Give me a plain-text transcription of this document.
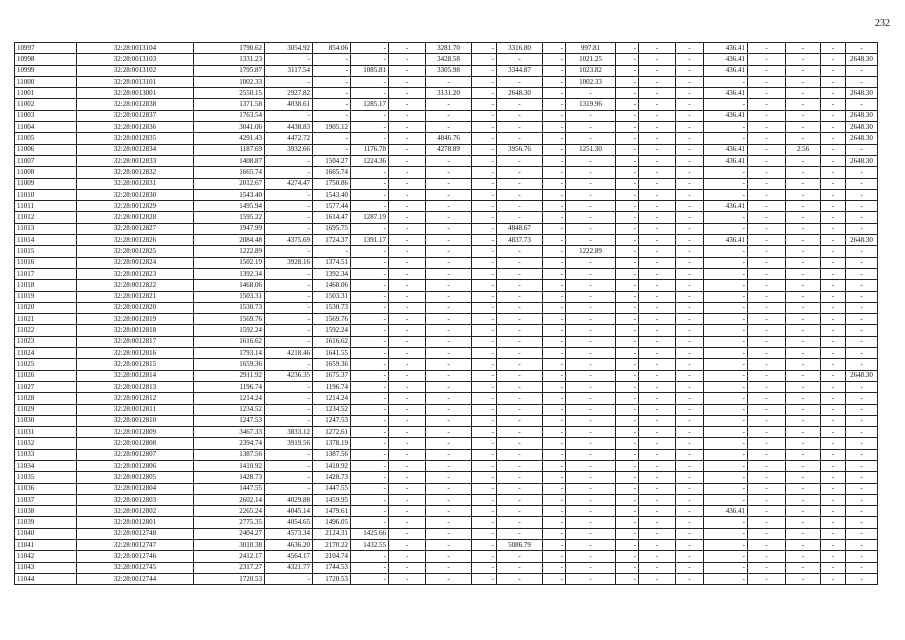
232
10997	32:28:0013104	1790.62	3054.92	854.06	-	-	3281.70	-	3316.80	-	997.81	-	-	-	436.41	-	-	-	-
10998	32:28:0013103	1331.23	-	-	-	-	3428.58	-	-	-	1021.25	-	-	-	436.41	-	-	-	2648.30
10999	32:28:0013102	1795.87	3117.54	-	1085.81	-	3305.98	-	3344.87	-	1023.82	-	-	-	436.41	-	-	-	-
11000	32:28:0013101	1002.33	-	-	-	-	-	-	-	-	1002.33	-	-	-	-	-	-	-	-
11001	32:28:0013001	2550.15	2927.82	-	-	-	3131.20	-	2648.30	-	-	-	-	-	436.41	-	-	-	2648.30
11002	32:28:0012838	1371.58	4038.61	-	1285.17	-	-	-	-	-	1319.96	-	-	-	-	-	-	-	-
11003	32:28:0012837	1763.54	-	-	-	-	-	-	-	-	-	-	-	-	436.41	-	-	-	2648.30
11004	32:28:0012836	3041.06	4438.83	1905.12	-	-	-	-	-	-	-	-	-	-	-	-	-	-	2648.30
11005	32:28:0012835	4291.43	4472.72	-	-	-	4846.76	-	-	-	-	-	-	-	-	-	-	-	2648.30
11006	32:28:0012834	1187.69	3932.66	-	1176.78	-	4278.89	-	3956.76	-	1251.30	-	-	-	436.41	-	2.56	-	-
11007	32:28:0012833	1408.87	-	1504.27	1224.36	-	-	-	-	-	-	-	-	-	436.41	-	-	-	2648.30
11008	32:28:0012832	1665.74	-	1665.74	-	-	-	-	-	-	-	-	-	-	-	-	-	-	-
11009	32:28:0012831	2012.67	4274.47	1750.86	-	-	-	-	-	-	-	-	-	-	-	-	-	-	-
11010	32:28:0012830	1543.40	-	1543.40	-	-	-	-	-	-	-	-	-	-	-	-	-	-	-
11011	32:28:0012829	1495.94	-	1577.44	-	-	-	-	-	-	-	-	-	-	436.41	-	-	-	-
11012	32:28:0012828	1595.22	-	1614.47	1287.19	-	-	-	-	-	-	-	-	-	-	-	-	-	-
11013	32:28:0012827	1947.99	-	1695.75	-	-	-	-	4848.67	-	-	-	-	-	-	-	-	-	-
11014	32:28:0012826	2084.48	4375.69	1724.37	1391.17	-	-	-	4837.73	-	-	-	-	-	436.41	-	-	-	2648.30
11015	32:28:0012825	1222.89	-	-	-	-	-	-	-	-	1222.89	-	-	-	-	-	-	-	-
11016	32:28:0012824	1502.19	3928.16	1374.51	-	-	-	-	-	-	-	-	-	-	-	-	-	-	-
11017	32:28:0012823	1392.34	-	1392.34	-	-	-	-	-	-	-	-	-	-	-	-	-	-	-
11018	32:28:0012822	1468.06	-	1468.06	-	-	-	-	-	-	-	-	-	-	-	-	-	-	-
11019	32:28:0012821	1503.31	-	1503.31	-	-	-	-	-	-	-	-	-	-	-	-	-	-	-
11020	32:28:0012820	1530.73	-	1530.73	-	-	-	-	-	-	-	-	-	-	-	-	-	-	-
11021	32:28:0012819	1569.76	-	1569.76	-	-	-	-	-	-	-	-	-	-	-	-	-	-	-
11022	32:28:0012818	1592.24	-	1592.24	-	-	-	-	-	-	-	-	-	-	-	-	-	-	-
11023	32:28:0012817	1616.62	-	1616.62	-	-	-	-	-	-	-	-	-	-	-	-	-	-	-
11024	32:28:0012816	1793.14	4218.46	1641.55	-	-	-	-	-	-	-	-	-	-	-	-	-	-	-
11025	32:28:0012815	1659.36	-	1659.36	-	-	-	-	-	-	-	-	-	-	-	-	-	-	-
11026	32:28:0012814	2911.92	4236.35	1675.37	-	-	-	-	-	-	-	-	-	-	-	-	-	-	2648.30
11027	32:28:0012813	1196.74	-	1196.74	-	-	-	-	-	-	-	-	-	-	-	-	-	-	-
11028	32:28:0012812	1214.24	-	1214.24	-	-	-	-	-	-	-	-	-	-	-	-	-	-	-
11029	32:28:0012811	1234.52	-	1234.52	-	-	-	-	-	-	-	-	-	-	-	-	-	-	-
11030	32:28:0012810	1247.53	-	1247.53	-	-	-	-	-	-	-	-	-	-	-	-	-	-	-
11031	32:28:0012809	3467.33	3833.12	1272.61	-	-	-	-	-	-	-	-	-	-	-	-	-	-	-
11032	32:28:0012808	2394.74	3919.56	1378.19	-	-	-	-	-	-	-	-	-	-	-	-	-	-	-
11033	32:28:0012807	1387.56	-	1387.56	-	-	-	-	-	-	-	-	-	-	-	-	-	-	-
11034	32:28:0012806	1410.92	-	1410.92	-	-	-	-	-	-	-	-	-	-	-	-	-	-	-
11035	32:28:0012805	1428.73	-	1428.73	-	-	-	-	-	-	-	-	-	-	-	-	-	-	-
11036	32:28:0012804	1447.55	-	1447.55	-	-	-	-	-	-	-	-	-	-	-	-	-	-	-
11037	32:28:0012803	2602.14	4029.88	1459.95	-	-	-	-	-	-	-	-	-	-	-	-	-	-	-
11038	32:28:0012802	2265.24	4045.14	1479.61	-	-	-	-	-	-	-	-	-	-	436.41	-	-	-	-
11039	32:28:0012801	2775.35	4054.65	1496.05	-	-	-	-	-	-	-	-	-	-	-	-	-	-	-
11040	32:28:0012748	2404.27	4573.34	2124.31	1425.66	-	-	-	-	-	-	-	-	-	-	-	-	-	-
11041	32:28:0012747	3010.38	4636.20	2170.22	1432.55	-	-	-	5086.79	-	-	-	-	-	-	-	-	-	-
11042	32:28:0012746	2412.17	4564.17	2104.74	-	-	-	-	-	-	-	-	-	-	-	-	-	-	-
11043	32:28:0012745	2317.27	4321.77	1744.53	-	-	-	-	-	-	-	-	-	-	-	-	-	-	-
11044	32:28:0012744	1720.53	-	1720.53	-	-	-	-	-	-	-	-	-	-	-	-	-	-	-
